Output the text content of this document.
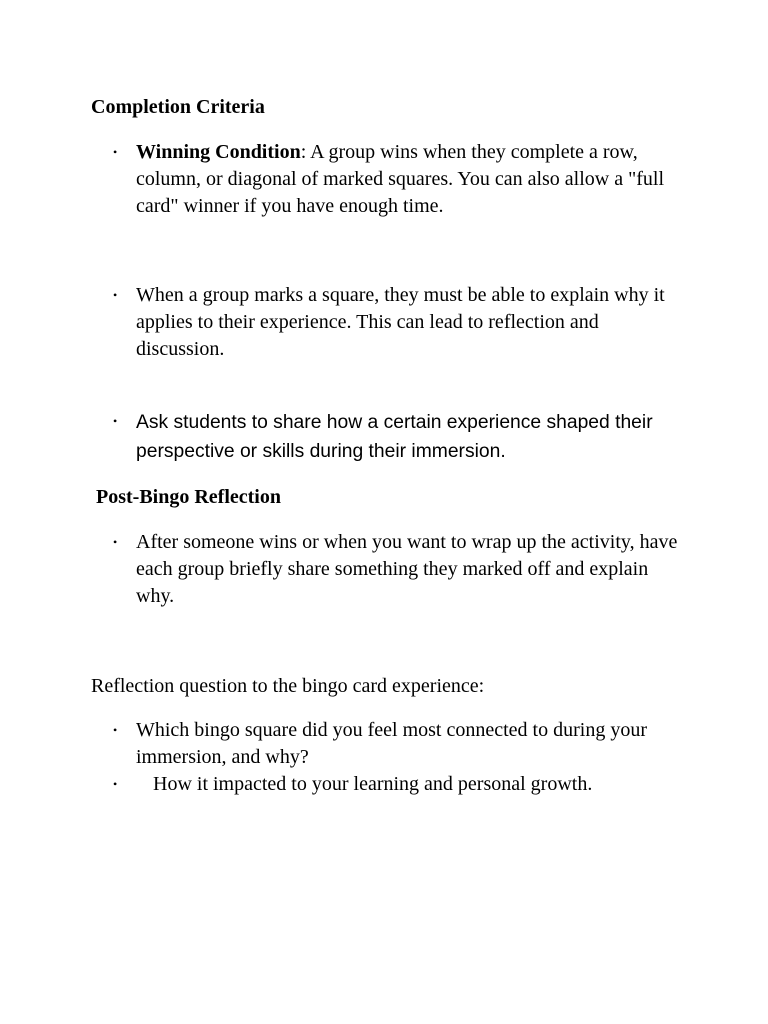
Completion Criteria
• Winning Condition: A group wins when they complete a row, column, or diagonal of marked squares. You can also allow a "full card" winner if you have enough time.
• When a group marks a square, they must be able to explain why it applies to their experience. This can lead to reflection and discussion.
• Ask students to share how a certain experience shaped their perspective or skills during their immersion.
Post-Bingo Reflection
• After someone wins or when you want to wrap up the activity, have each group briefly share something they marked off and explain why.

Reflection question to the bingo card experience:

• Which bingo square did you feel most connected to during your immersion, and why?
• How it impacted to your learning and personal growth.
